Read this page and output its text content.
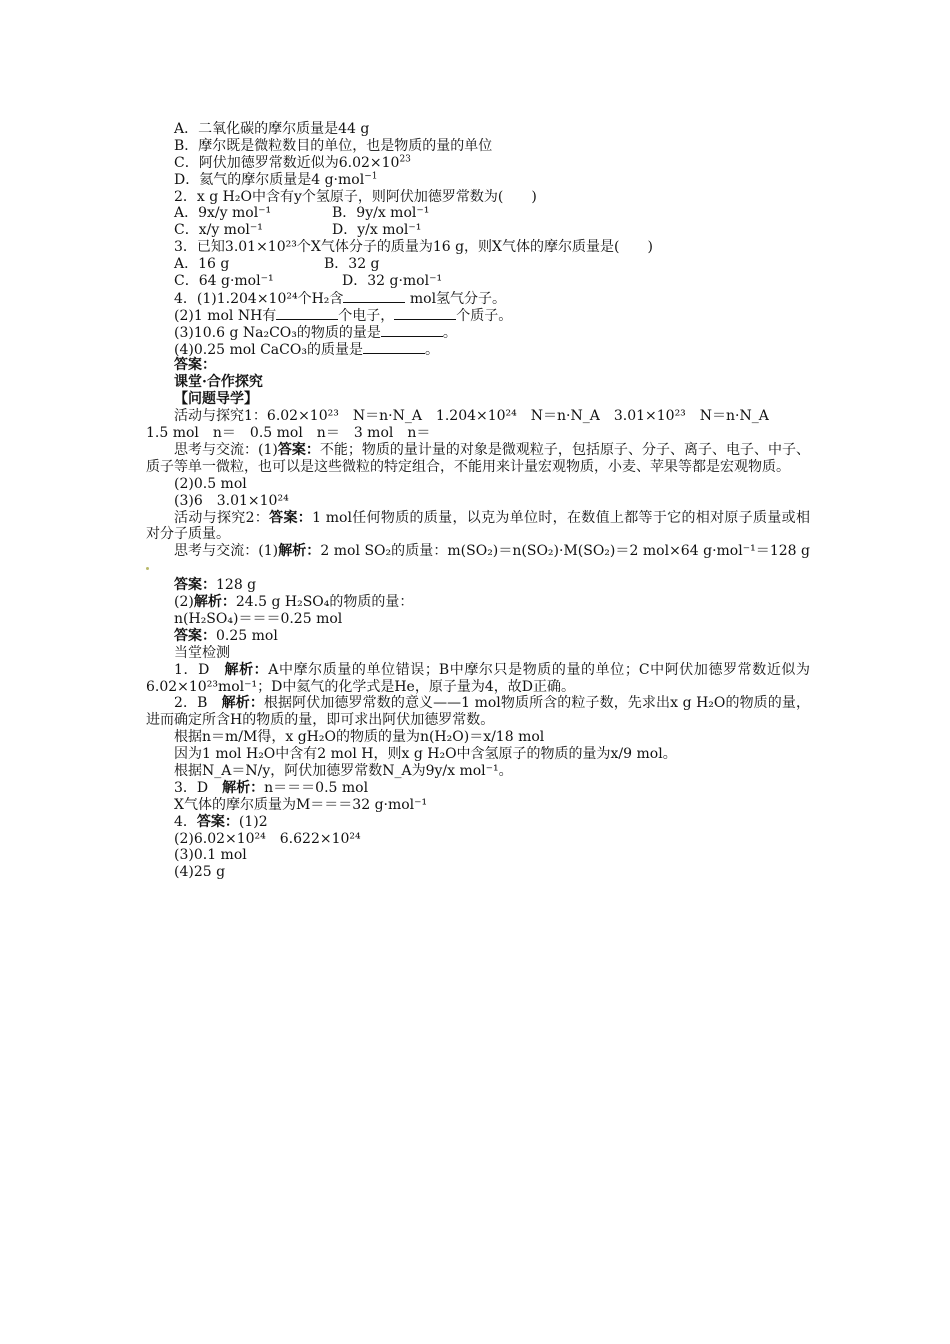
A．二氧化碳的摩尔质量是44 g
B．摩尔既是微粒数目的单位，也是物质的量的单位
C．阿伏加德罗常数近似为$6.02\times 10^{23}$
D．氦气的摩尔质量是4 g·mol$^{-1}$
2．x g H₂O中含有y个氢原子，则阿伏加德罗常数为(　　)
A．9x/y mol⁻¹	B．9y/x mol⁻¹
C．x/y mol⁻¹	D．y/x mol⁻¹
3．已知3.01×10²³个X气体分子的质量为16 g，则X气体的摩尔质量是(　　)
A．16 g	B．32 g
C．64 g·mol⁻¹	D．32 g·mol⁻¹
4．(1)1.204×10²⁴个H₂含	mol氢气分子。
(2)1 mol NH有	个电子，	个质子。
(3)10.6 g Na₂CO₃的物质的量是	。
(4)0.25 mol CaCO₃的质量是	。
答案：
课堂·合作探究
【问题导学】
活动与探究1：6.02×10²³　N＝n·N_A　1.204×10²⁴　N＝n·N_A　3.01×10²³　N＝n·N_A
1.5 mol　n＝　0.5 mol　n＝　3 mol　n＝
思考与交流：(1)答案：不能；物质的量计量的对象是微观粒子，包括原子、分子、离子、电子、中子、质子等单一微粒，也可以是这些微粒的特定组合，不能用来计量宏观物质，小麦、苹果等都是宏观物质。
(2)0.5 mol
(3)6　3.01×10²⁴
活动与探究2：答案：1 mol任何物质的质量，以克为单位时，在数值上都等于它的相对原子质量或相对分子质量。
思考与交流：(1)解析：2 mol SO₂的质量：m(SO₂)＝n(SO₂)·M(SO₂)＝2 mol×64 g·mol⁻¹＝128 g
答案：128 g
(2)解析：24.5 g H₂SO₄的物质的量：
n(H₂SO₄)＝＝＝0.25 mol
答案：0.25 mol
当堂检测
1．D　解析：A中摩尔质量的单位错误；B中摩尔只是物质的量的单位；C中阿伏加德罗常数近似为6.02×10²³mol⁻¹；D中氦气的化学式是He，原子量为4，故D正确。
2．B　解析：根据阿伏加德罗常数的意义——1 mol物质所含的粒子数，先求出x g H₂O的物质的量，进而确定所含H的物质的量，即可求出阿伏加德罗常数。
根据n＝m/M得，x gH₂O的物质的量为n(H₂O)＝x/18 mol
因为1 mol H₂O中含有2 mol H，则x g H₂O中含氢原子的物质的量为x/9 mol。
根据N_A＝N/y，阿伏加德罗常数N_A为9y/x mol⁻¹。
3．D　解析：n＝＝＝0.5 mol
X气体的摩尔质量为M＝＝＝32 g·mol⁻¹
4．答案：(1)2
(2)6.02×10²⁴　6.622×10²⁴
(3)0.1 mol
(4)25 g
